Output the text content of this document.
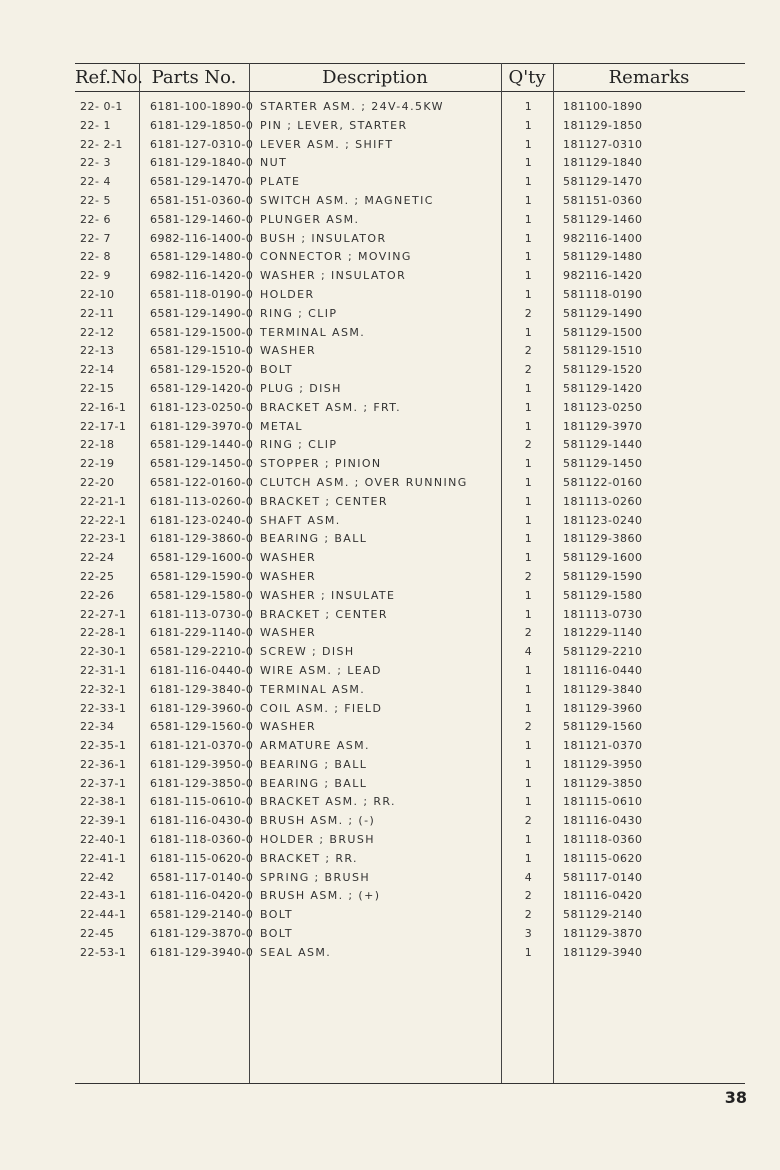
Ref.No. Parts No.	Description	Q'ty	Remarks
22- 0-1 6181-100-1890-0 STARTER ASM. ; 24V-4.5KW	1	181100-1890
22- 1	6181-129-1850-0 PIN ; LEVER, STARTER	1	181129-1850
22- 2-1 6181-127-0310-0 LEVER ASM. ; SHIFT	1	181127-0310
22- 3	6181-129-1840-0 NUT	1	181129-1840
22- 4	6581-129-1470-0 PLATE	1	581129-1470
22- 5	6581-151-0360-0 SWITCH ASM. ; MAGNETIC	1	581151-0360
22- 6	6581-129-1460-0 PLUNGER ASM.	1	581129-1460
22- 7	6982-116-1400-0 BUSH ; INSULATOR	1	982116-1400
22- 8	6581-129-1480-0 CONNECTOR ; MOVING	1	581129-1480
22- 9	6982-116-1420-0 WASHER ; INSULATOR	1	982116-1420
22-10	6581-118-0190-0 HOLDER	1	581118-0190
22-11	6581-129-1490-0 RING ; CLIP	2	581129-1490
22-12	6581-129-1500-0 TERMINAL ASM.	1	581129-1500
22-13	6581-129-1510-0 WASHER	2	581129-1510
22-14	6581-129-1520-0 BOLT	2	581129-1520
22-15	6581-129-1420-0 PLUG ; DISH	1	581129-1420
22-16-1 6181-123-0250-0 BRACKET ASM. ; FRT.	1	181123-0250
22-17-1 6181-129-3970-0 METAL	1	181129-3970
22-18	6581-129-1440-0 RING ; CLIP	2	581129-1440
22-19	6581-129-1450-0 STOPPER ; PINION	1	581129-1450
22-20	6581-122-0160-0 CLUTCH ASM. ; OVER RUNNING	1	581122-0160
22-21-1 6181-113-0260-0 BRACKET ; CENTER	1	181113-0260
22-22-1 6181-123-0240-0 SHAFT ASM.	1	181123-0240
22-23-1 6181-129-3860-0 BEARING ; BALL	1	181129-3860
22-24	6581-129-1600-0 WASHER	1	581129-1600
22-25	6581-129-1590-0 WASHER	2	581129-1590
22-26	6581-129-1580-0 WASHER ; INSULATE	1	581129-1580
22-27-1 6181-113-0730-0 BRACKET ; CENTER	1	181113-0730
22-28-1 6181-229-1140-0 WASHER	2	181229-1140
22-30-1 6581-129-2210-0 SCREW ; DISH	4	581129-2210
22-31-1 6181-116-0440-0 WIRE ASM. ; LEAD	1	181116-0440
22-32-1 6181-129-3840-0 TERMINAL ASM.	1	181129-3840
22-33-1 6181-129-3960-0 COIL ASM. ; FIELD	1	181129-3960
22-34	6581-129-1560-0 WASHER	2	581129-1560
22-35-1 6181-121-0370-0 ARMATURE ASM.	1	181121-0370
22-36-1 6181-129-3950-0 BEARING ; BALL	1	181129-3950
22-37-1 6181-129-3850-0 BEARING ; BALL	1	181129-3850
22-38-1 6181-115-0610-0 BRACKET ASM. ; RR.	1	181115-0610
22-39-1 6181-116-0430-0 BRUSH ASM. ; (-)	2	181116-0430
22-40-1 6181-118-0360-0 HOLDER ; BRUSH	1	181118-0360
22-41-1 6181-115-0620-0 BRACKET ; RR.	1	181115-0620
22-42	6581-117-0140-0 SPRING ; BRUSH	4	581117-0140
22-43-1 6181-116-0420-0 BRUSH ASM. ; (+)	2	181116-0420
22-44-1 6581-129-2140-0 BOLT	2	581129-2140
22-45	6181-129-3870-0 BOLT	3	181129-3870
22-53-1 6181-129-3940-0 SEAL ASM.	1	181129-3940
38
